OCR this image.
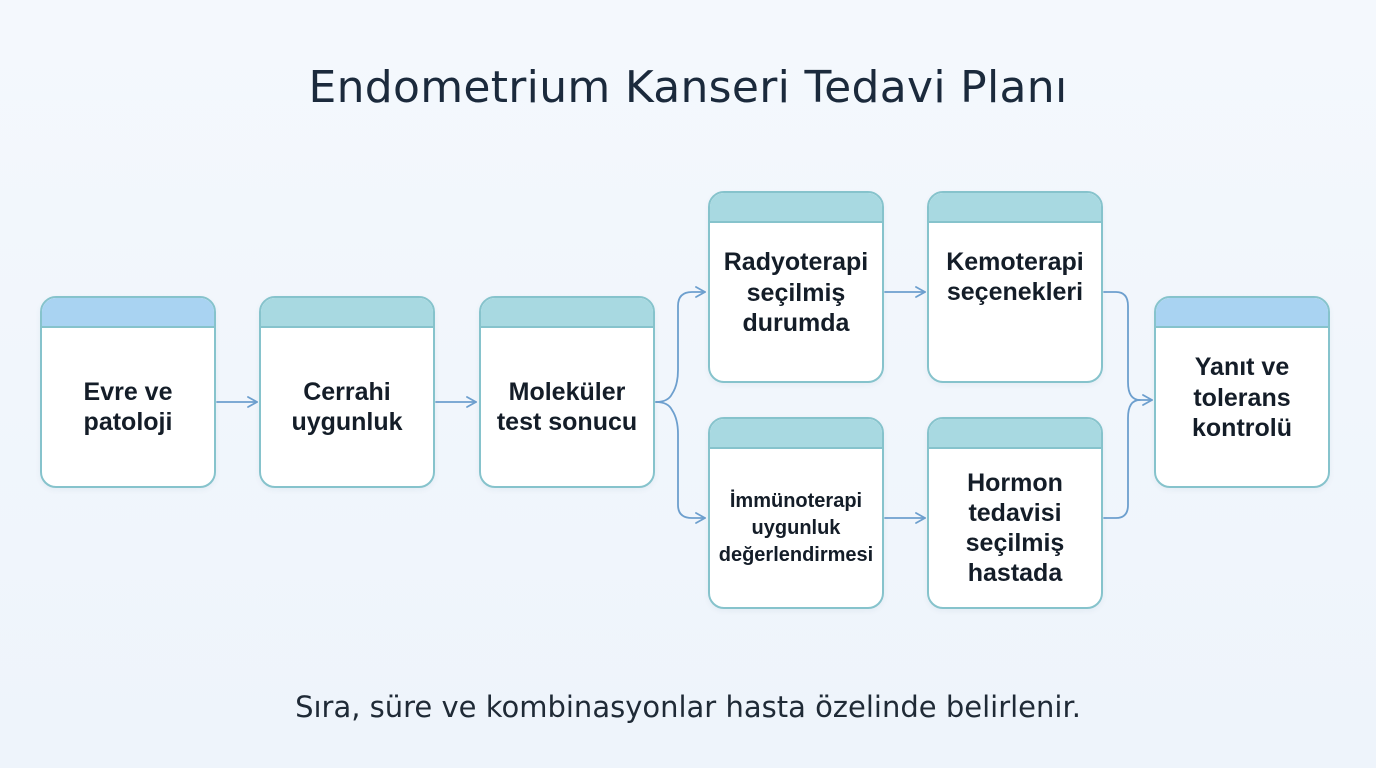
Endometrium Kanseri Tedavi Planı
Evre ve
patoloji
Cerrahi
uygunluk
Moleküler
test sonucu
Radyoterapi
seçilmiş
durumda
Kemoterapi
seçenekleri
İmmünoterapi
uygunluk
değerlendirmesi
Hormon
tedavisi
seçilmiş
hastada
Yanıt ve
tolerans
kontrolü
Sıra, süre ve kombinasyonlar hasta özelinde belirlenir.
